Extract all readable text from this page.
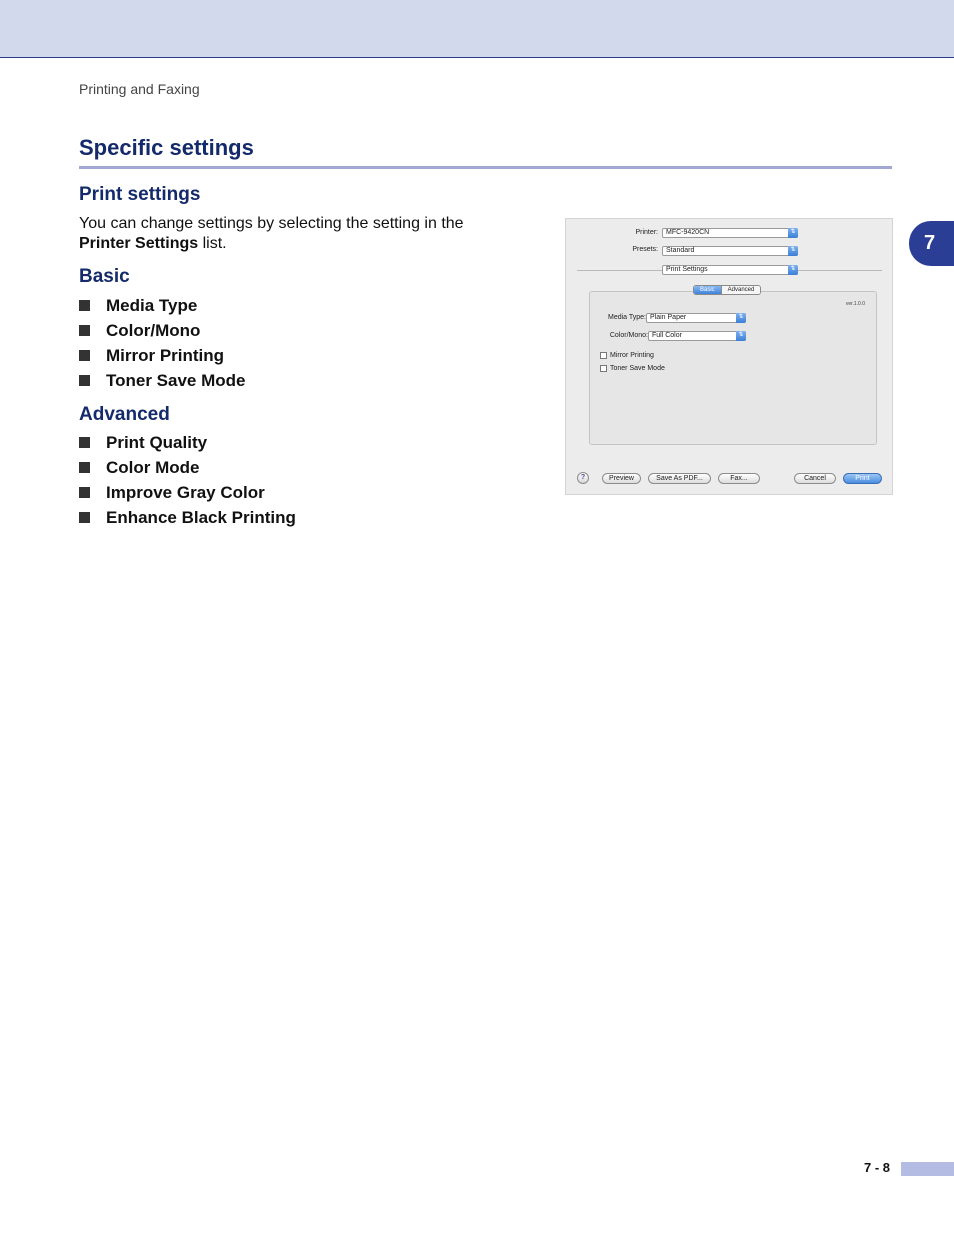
Printing and Faxing
Specific settings
Print settings

You can change settings by selecting the setting in the Printer Settings list.

Basic
Media Type
Color/Mono
Mirror Printing
Toner Save Mode
Advanced
Print Quality
Color Mode
Improve Gray Color
Enhance Black Printing
7
Printer:	MFC-9420CN	⇅
Presets:	Standard	⇅
Print Settings	⇅
Basic	Advanced
ver.1.0.0
Media Type: Plain Paper	⇅
Color/Mono: Full Color	⇅
Mirror Printing
Toner Save Mode
?	Preview	Save As PDF...	Fax...	Cancel	Print
7 - 8
